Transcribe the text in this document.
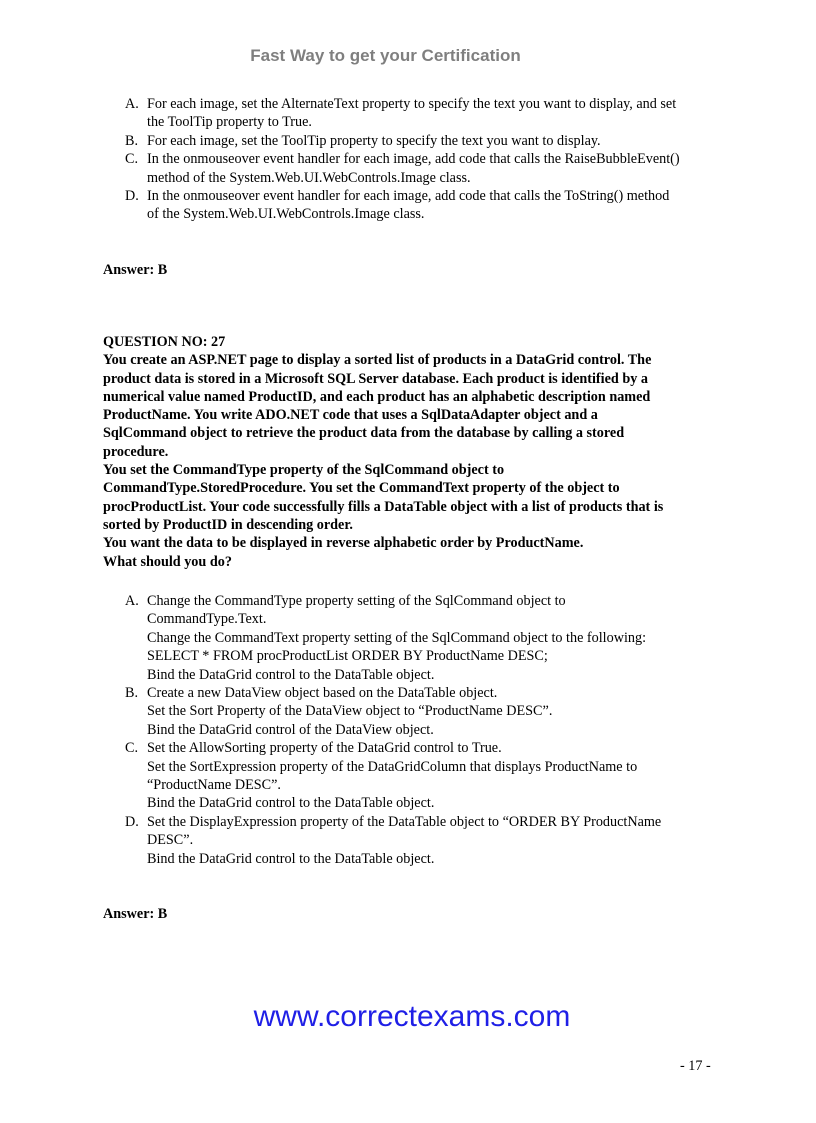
Fast Way to get your Certification
A. For each image, set the AlternateText property to specify the text you want to display, and set
the ToolTip property to True.
B. For each image, set the ToolTip property to specify the text you want to display.
C. In the onmouseover event handler for each image, add code that calls the RaiseBubbleEvent()
method of the System.Web.UI.WebControls.Image class.
D. In the onmouseover event handler for each image, add code that calls the ToString() method
of the System.Web.UI.WebControls.Image class.
Answer: B
QUESTION NO: 27
You create an ASP.NET page to display a sorted list of products in a DataGrid control. The
product data is stored in a Microsoft SQL Server database. Each product is identified by a
numerical value named ProductID, and each product has an alphabetic description named
ProductName. You write ADO.NET code that uses a SqlDataAdapter object and a
SqlCommand object to retrieve the product data from the database by calling a stored
procedure.
You set the CommandType property of the SqlCommand object to
CommandType.StoredProcedure. You set the CommandText property of the object to
procProductList. Your code successfully fills a DataTable object with a list of products that is
sorted by ProductID in descending order.
You want the data to be displayed in reverse alphabetic order by ProductName.
What should you do?
A. Change the CommandType property setting of the SqlCommand object to
CommandType.Text.
Change the CommandText property setting of the SqlCommand object to the following:
SELECT * FROM procProductList ORDER BY ProductName DESC;
Bind the DataGrid control to the DataTable object.
B. Create a new DataView object based on the DataTable object.
Set the Sort Property of the DataView object to “ProductName DESC”.
Bind the DataGrid control of the DataView object.
C. Set the AllowSorting property of the DataGrid control to True.
Set the SortExpression property of the DataGridColumn that displays ProductName to
“ProductName DESC”.
Bind the DataGrid control to the DataTable object.
D. Set the DisplayExpression property of the DataTable object to “ORDER BY ProductName
DESC”.
Bind the DataGrid control to the DataTable object.
Answer: B
www.correctexams.com
- 17 -
